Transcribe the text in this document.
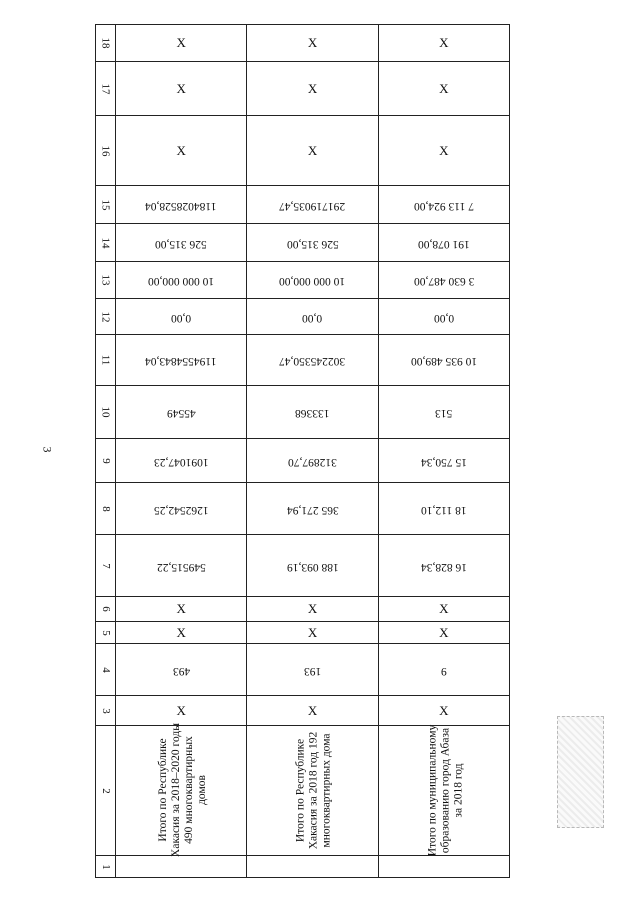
3
18	X	X	X
17	X	X	X
16	X	X	X
15	1184028528,04	291719035,47	7 113 924,00
14	526 315,00	526 315,00	191 078,00
13	10 000 000,00	10 000 000,00	3 630 487,00
12	0,00	0,00	0,00
11	1194554843,04	302245350,47	10 935 489,00
10	45549	133368	513
9	1091047,23	312897,70	15 750,34
8	1262542,25	365 271,94	18 112,10
7	549515,22	188 093,19	16 828,34
6	X	X	X
5	X	X	X
4	493	193	9
3	X	X	X
2	Итого по Республике Хакасия за 2018–2020 годы 490 многоквартирных домов	Итого по Республике Хакасия за 2018 год 192 многоквартирных дома	Итого по муниципальному образованию город Абаза за 2018 год
1			
